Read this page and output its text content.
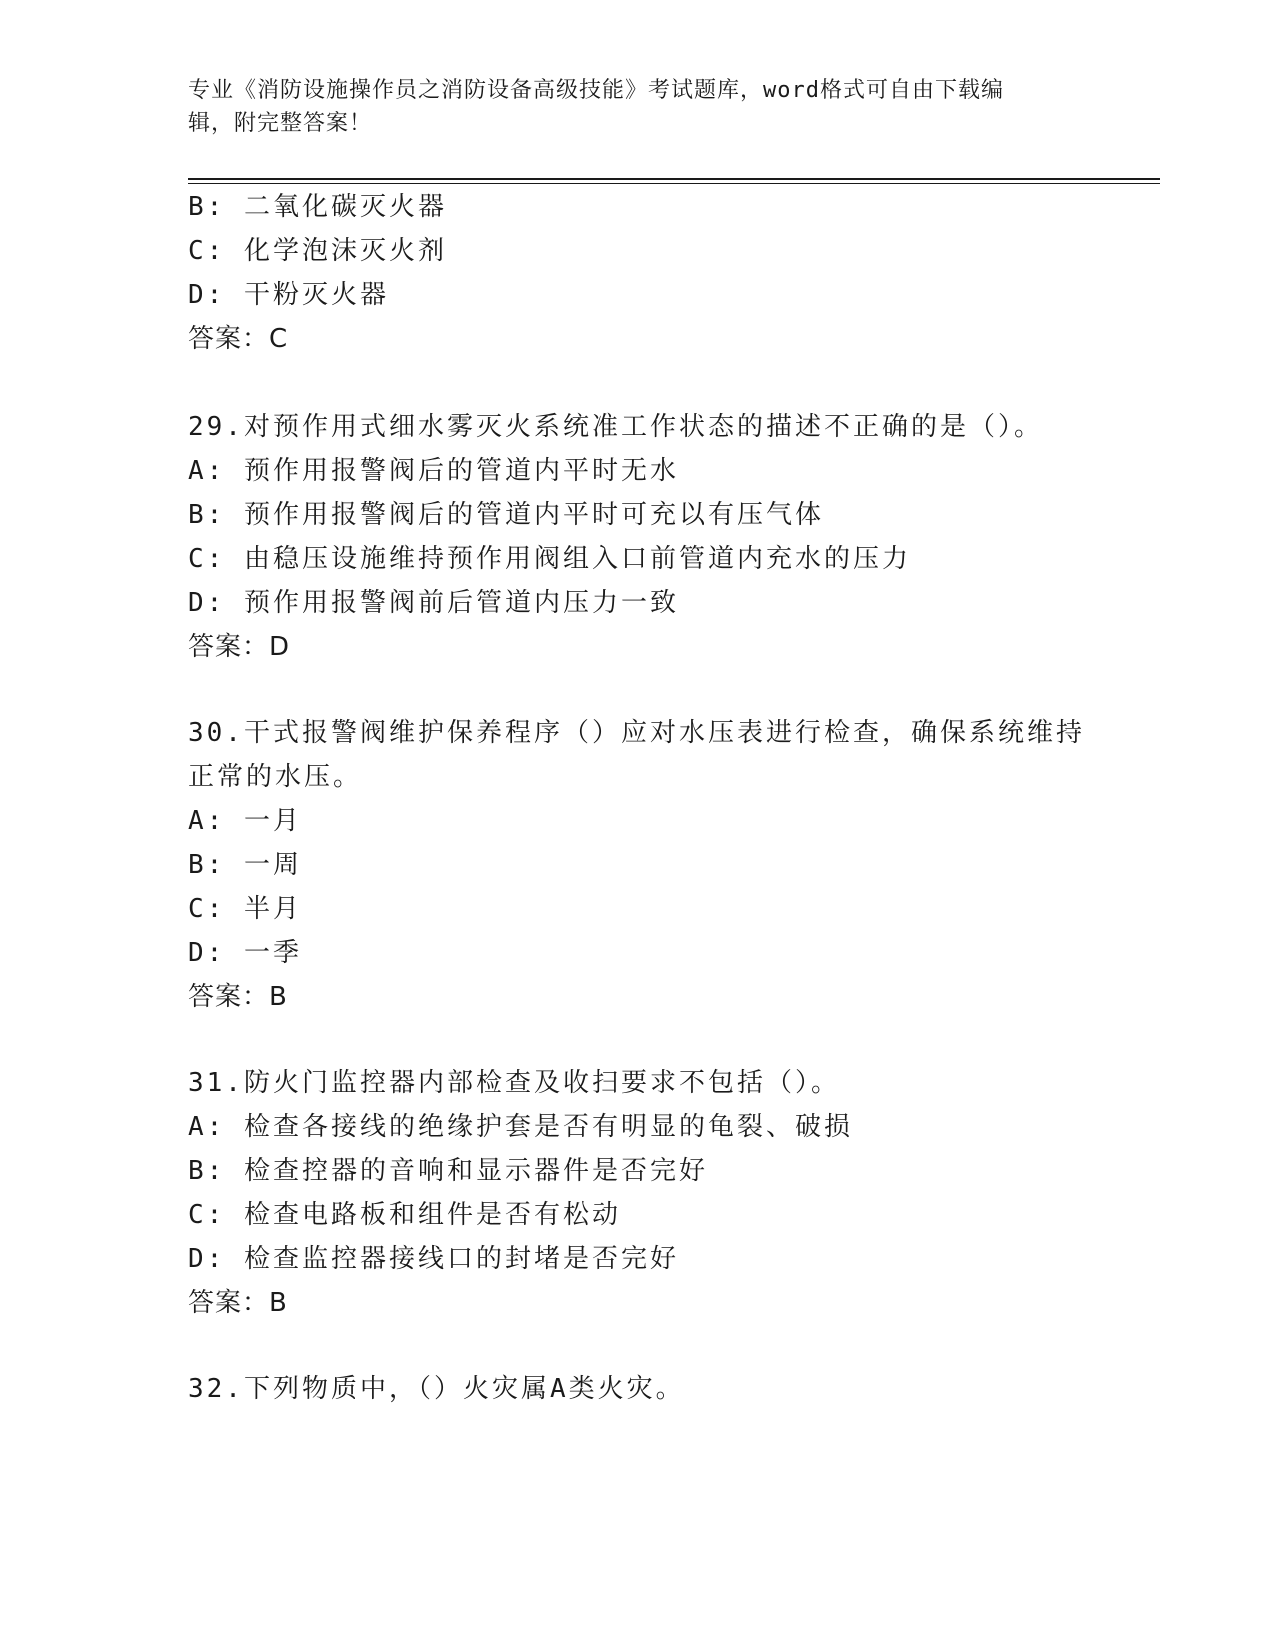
专业《消防设施操作员之消防设备高级技能》考试题库，word格式可自由下载编
辑，附完整答案！
B: 二氧化碳灭火器
C: 化学泡沫灭火剂
D: 干粉灭火器
答案：C
29.对预作用式细水雾灭火系统准工作状态的描述不正确的是（）。
A: 预作用报警阀后的管道内平时无水
B: 预作用报警阀后的管道内平时可充以有压气体
C: 由稳压设施维持预作用阀组入口前管道内充水的压力
D: 预作用报警阀前后管道内压力一致
答案：D
30.干式报警阀维护保养程序（）应对水压表进行检查，确保系统维持
正常的水压。
A: 一月
B: 一周
C: 半月
D: 一季
答案：B
31.防火门监控器内部检查及收扫要求不包括（）。
A: 检查各接线的绝缘护套是否有明显的龟裂、破损
B: 检查控器的音响和显示器件是否完好
C: 检查电路板和组件是否有松动
D: 检查监控器接线口的封堵是否完好
答案：B
32.下列物质中，（）火灾属A类火灾。
